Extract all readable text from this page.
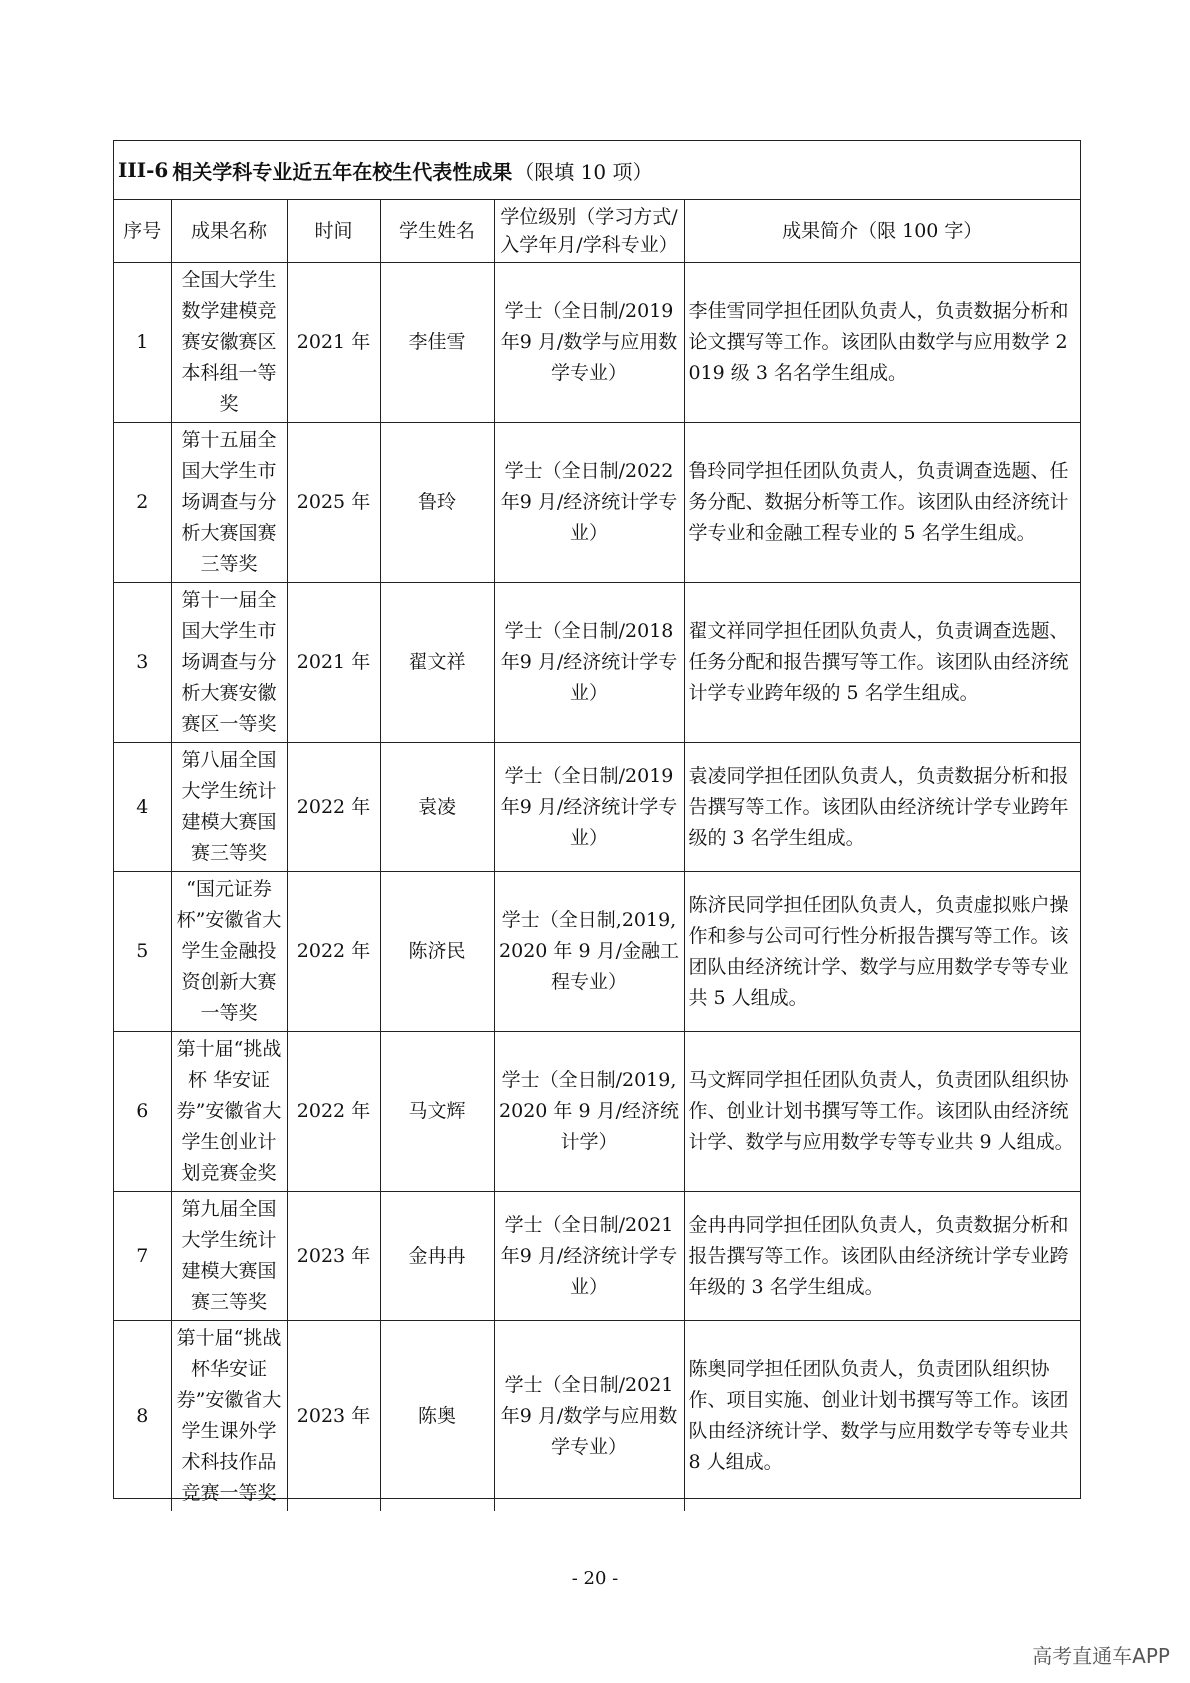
III-6 相关学科专业近五年在校生代表性成果 （限填 10 项）
序号	成果名称	时间	学生姓名	学位级别（学习方式/入学年月/学科专业）	成果简介（限 100 字）
1	全国大学生数学建模竞赛安徽赛区本科组一等奖	2021 年	李佳雪	学士（全日制/2019 年9 月/数学与应用数学专业）	李佳雪同学担任团队负责人，负责数据分析和论文撰写等工作。该团队由数学与应用数学 2019 级 3 名名学生组成。
2	第十五届全国大学生市场调查与分析大赛国赛三等奖	2025 年	鲁玲	学士（全日制/2022 年9 月/经济统计学专业）	鲁玲同学担任团队负责人，负责调查选题、任务分配、数据分析等工作。该团队由经济统计学专业和金融工程专业的 5 名学生组成。
3	第十一届全国大学生市场调查与分析大赛安徽赛区一等奖	2021 年	翟文祥	学士（全日制/2018 年9 月/经济统计学专业）	翟文祥同学担任团队负责人，负责调查选题、任务分配和报告撰写等工作。该团队由经济统计学专业跨年级的 5 名学生组成。
4	第八届全国大学生统计建模大赛国赛三等奖	2022 年	袁凌	学士（全日制/2019 年9 月/经济统计学专业）	袁凌同学担任团队负责人，负责数据分析和报告撰写等工作。该团队由经济统计学专业跨年级的 3 名学生组成。
5	“国元证券杯”安徽省大学生金融投资创新大赛一等奖	2022 年	陈济民	学士（全日制,2019,2020 年 9 月/金融工程专业）	陈济民同学担任团队负责人，负责虚拟账户操作和参与公司可行性分析报告撰写等工作。该团队由经济统计学、数学与应用数学专等专业共 5 人组成。
6	第十届“挑战杯 华安证券”安徽省大学生创业计划竞赛金奖	2022 年	马文辉	学士（全日制/2019,2020 年 9 月/经济统计学）	马文辉同学担任团队负责人，负责团队组织协作、创业计划书撰写等工作。该团队由经济统计学、数学与应用数学专等专业共 9 人组成。
7	第九届全国大学生统计建模大赛国赛三等奖	2023 年	金冉冉	学士（全日制/2021 年9 月/经济统计学专业）	金冉冉同学担任团队负责人，负责数据分析和报告撰写等工作。该团队由经济统计学专业跨年级的 3 名学生组成。
8	第十届“挑战杯华安证券”安徽省大学生课外学术科技作品竞赛一等奖	2023 年	陈奥	学士（全日制/2021 年9 月/数学与应用数学专业）	陈奥同学担任团队负责人，负责团队组织协作、项目实施、创业计划书撰写等工作。该团队由经济统计学、数学与应用数学专等专业共 8 人组成。
- 20 -
高考直通车APP
